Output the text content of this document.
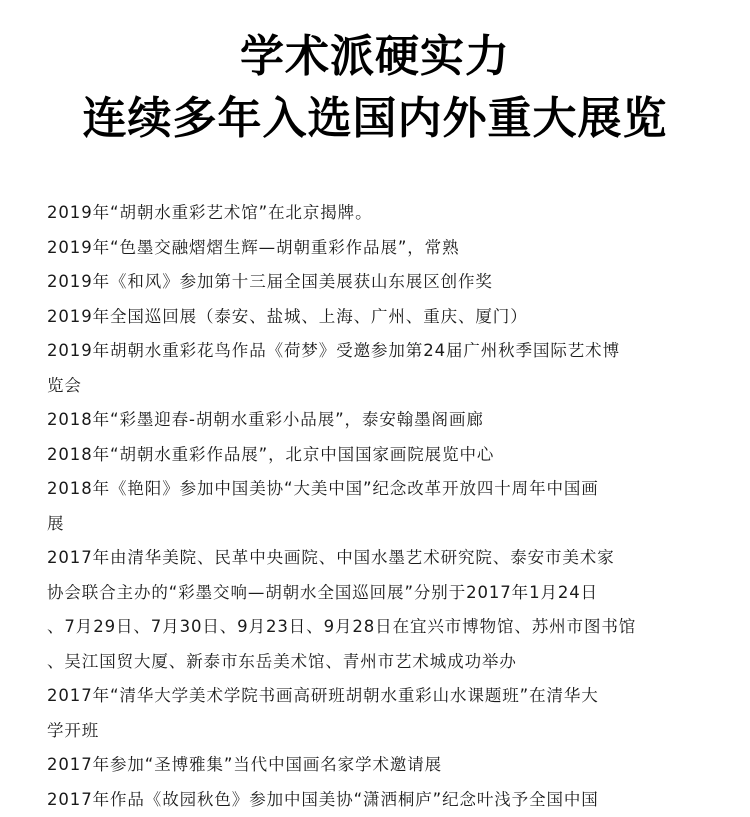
学术派硬实力
连续多年入选国内外重大展览
2019年“胡朝水重彩艺术馆”在北京揭牌。
2019年“色墨交融熠熠生辉—胡朝重彩作品展”，常熟
2019年《和风》参加第十三届全国美展获山东展区创作奖
2019年全国巡回展（泰安、盐城、上海、广州、重庆、厦门）
2019年胡朝水重彩花鸟作品《荷梦》受邀参加第24届广州秋季国际艺术博
览会
2018年“彩墨迎春-胡朝水重彩小品展”，泰安翰墨阁画廊
2018年“胡朝水重彩作品展”，北京中国国家画院展览中心
2018年《艳阳》参加中国美协“大美中国”纪念改革开放四十周年中国画
展
2017年由清华美院、民革中央画院、中国水墨艺术研究院、泰安市美术家
协会联合主办的“彩墨交响—胡朝水全国巡回展”分别于2017年1月24日
、7月29日、7月30日、9月23日、9月28日在宜兴市博物馆、苏州市图书馆
、吴江国贸大厦、新泰市东岳美术馆、青州市艺术城成功举办
2017年“清华大学美术学院书画高研班胡朝水重彩山水课题班”在清华大
学开班
2017年参加“圣博雅集”当代中国画名家学术邀请展
2017年作品《故园秋色》参加中国美协“潇洒桐庐”纪念叶浅予全国中国
